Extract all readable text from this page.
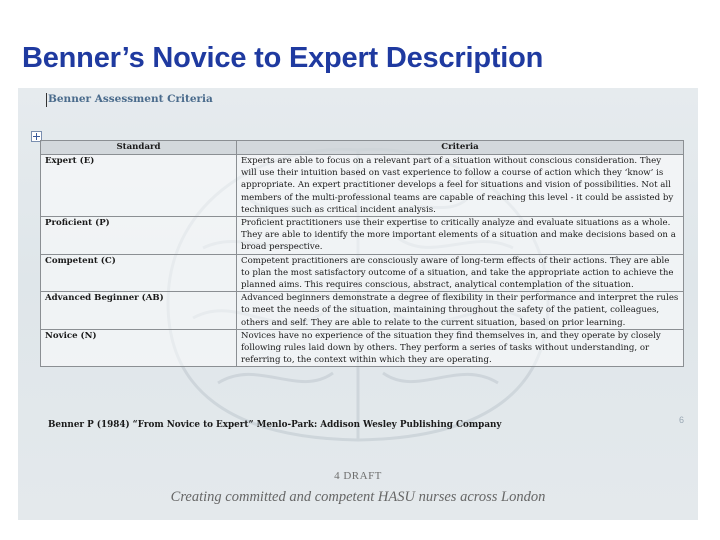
Benner’s Novice to Expert Description
Benner Assessment Criteria
Standard	Criteria
Expert (E)	Experts are able to focus on a relevant part of a situation without conscious consideration. They will use their intuition based on vast experience to follow a course of action which they ‘know’ is appropriate. An expert practitioner develops a feel for situations and vision of possibilities. Not all members of the multi-professional teams are capable of reaching this level - it could be assisted by techniques such as critical incident analysis.
Proficient (P)	Proficient practitioners use their expertise to critically analyze and evaluate situations as a whole. They are able to identify the more important elements of a situation and make decisions based on a broad perspective.
Competent (C)	Competent practitioners are consciously aware of long-term effects of their actions. They are able to plan the most satisfactory outcome of a situation, and take the appropriate action to achieve the planned aims. This requires conscious, abstract, analytical contemplation of the situation.
Advanced Beginner (AB)	Advanced beginners demonstrate a degree of flexibility in their performance and interpret the rules to meet the needs of the situation, maintaining throughout the safety of the patient, colleagues, others and self. They are able to relate to the current situation, based on prior learning.
Novice (N)	Novices have no experience of the situation they find themselves in, and they operate by closely following rules laid down by others. They perform a series of tasks without understanding, or referring to, the context within which they are operating.
Benner P (1984) “From Novice to Expert” Menlo-Park: Addison Wesley Publishing Company	6
4 DRAFT
Creating committed and competent HASU nurses across London
